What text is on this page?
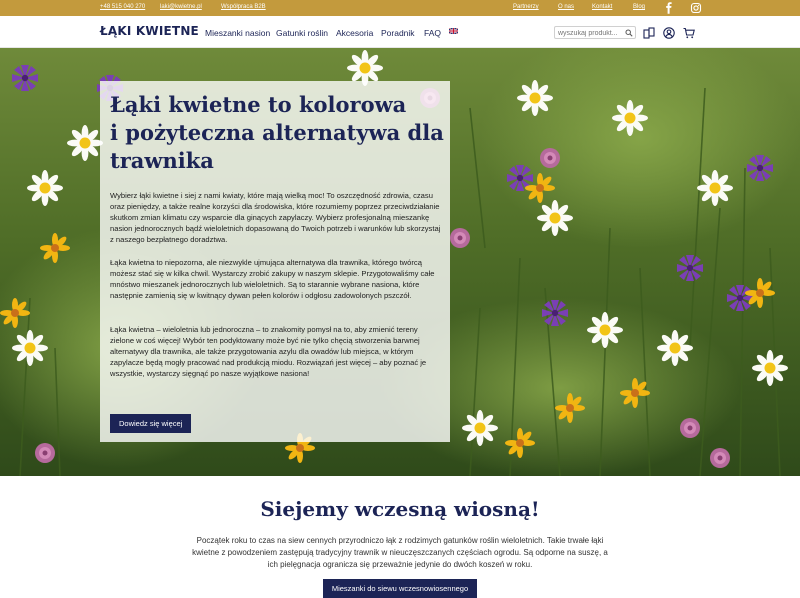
+48 515 040 270 laki@kwietne.pl	Współpraca B2B	Partnerzy	O nas	Kontakt	Blog
ŁĄKI KWIETNE Mieszanki nasion Gatunki roślin Akcesoria Poradnik FAQ
wyszukaj produkt...
Łąki kwietne to kolorowa
i pożyteczna alternatywa dla
trawnika

Wybierz łąki kwietne i siej z nami kwiaty, które mają wielką moc! To oszczędność zdrowia, czasu oraz pieniędzy, a także realne korzyści dla środowiska, które rozumiemy poprzez przeciwdziałanie skutkom zmian klimatu czy wsparcie dla ginących zapylaczy. Wybierz profesjonalną mieszankę nasion jednorocznych bądź wieloletnich dopasowaną do Twoich potrzeb i warunków lub skorzystaj z naszego bezpłatnego doradztwa.

Łąka kwietna to niepozorna, ale niezwykle ujmująca alternatywa dla trawnika, którego twórcą możesz stać się w kilka chwil. Wystarczy zrobić zakupy w naszym sklepie. Przygotowaliśmy całe mnóstwo mieszanek jednorocznych lub wieloletnich. Są to starannie wybrane nasiona, które następnie zamienią się w kwitnący dywan pełen kolorów i odgłosu zadowolonych pszczół.

Łąka kwietna – wieloletnia lub jednoroczna – to znakomity pomysł na to, aby zmienić tereny zielone w coś więcej! Wybór ten podyktowany może być nie tylko chęcią stworzenia barwnej alternatywy dla trawnika, ale także przygotowania azylu dla owadów lub miejsca, w którym zapylacze będą mogły pracować nad produkcją miodu. Rozwiązań jest więcej – aby poznać je wszystkie, wystarczy sięgnąć po nasze wyjątkowe nasiona!

Dowiedz się więcej
Siejemy wczesną wiosną!

Początek roku to czas na siew cennych przyrodniczo łąk z rodzimych gatunków roślin wieloletnich. Takie trwałe łąki kwietne z powodzeniem zastępują tradycyjny trawnik w nieuczęszczanych częściach ogrodu. Są odporne na suszę, a ich pielęgnacja ogranicza się przeważnie jedynie do dwóch koszeń w roku.

Mieszanki do siewu wczesnowiosennego
